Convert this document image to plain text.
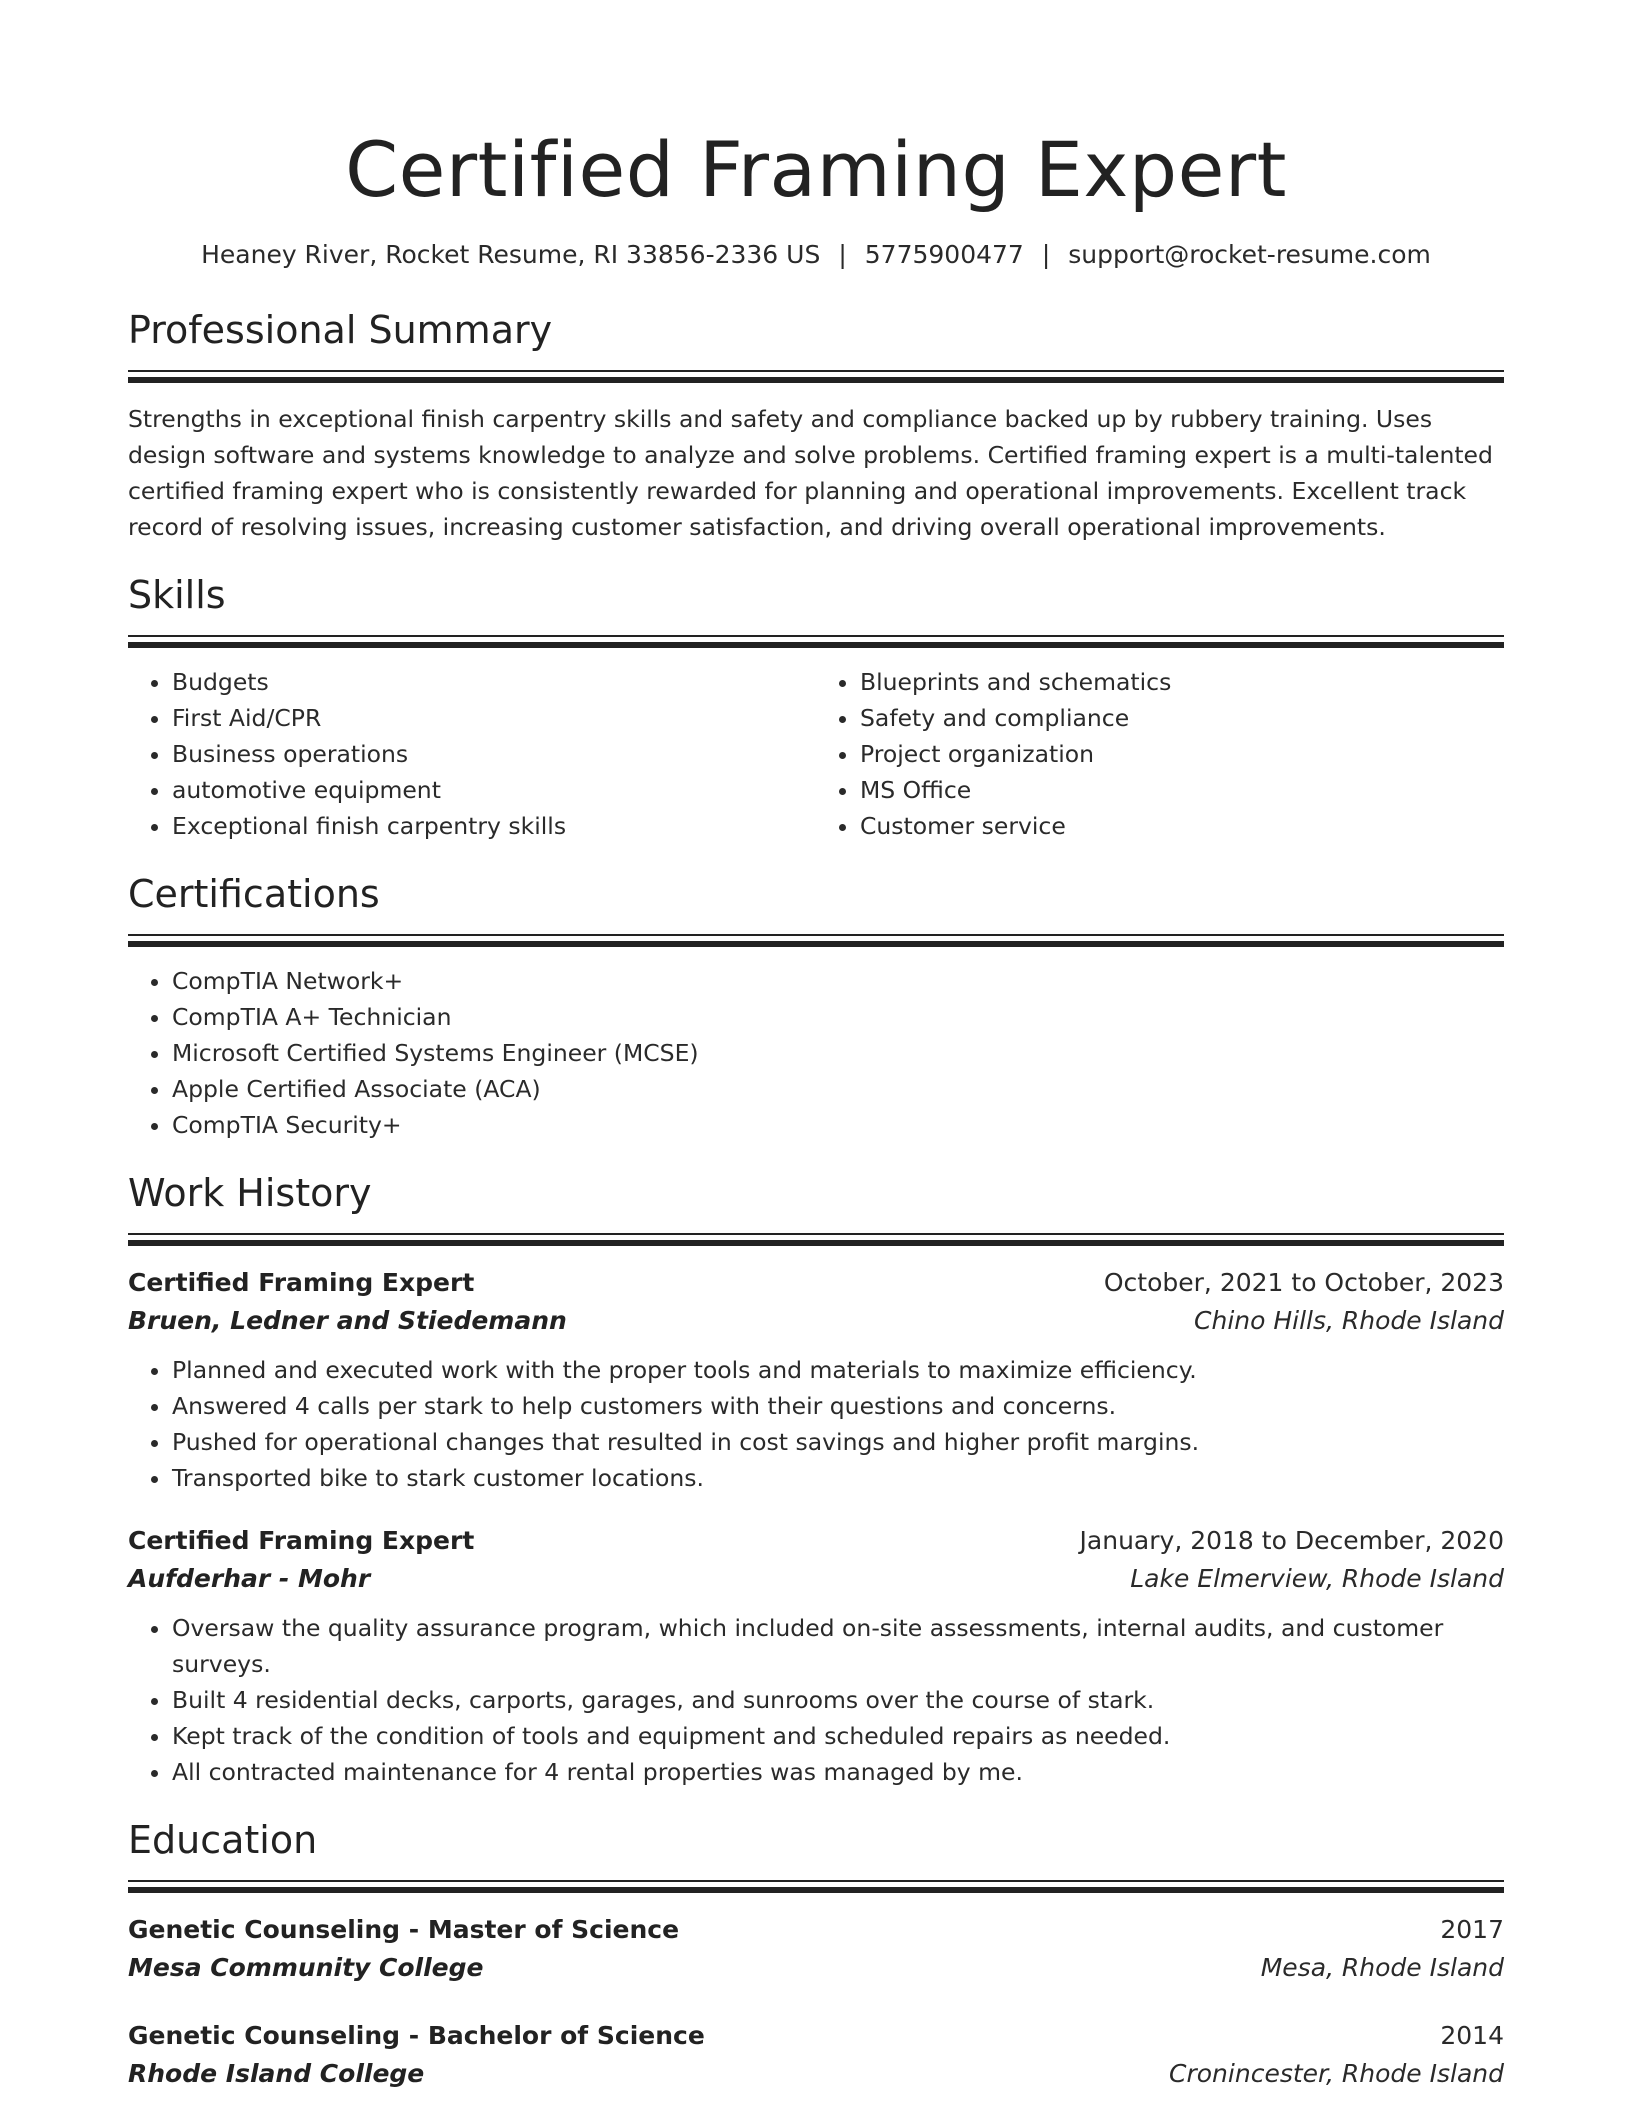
Certified Framing Expert
Heaney River, Rocket Resume, RI 33856-2336 US | 5775900477 | support@rocket-resume.com
Professional Summary

Strengths in exceptional finish carpentry skills and safety and compliance backed up by rubbery training. Uses design software and systems knowledge to analyze and solve problems. Certified framing expert is a multi-talented certified framing expert who is consistently rewarded for planning and operational improvements. Excellent track record of resolving issues, increasing customer satisfaction, and driving overall operational improvements.

Skills
• Budgets
• First Aid/CPR
• Business operations
• automotive equipment
• Exceptional finish carpentry skills
• Blueprints and schematics
• Safety and compliance
• Project organization
• MS Office
• Customer service
Certifications
• CompTIA Network+
• CompTIA A+ Technician
• Microsoft Certified Systems Engineer (MCSE)
• Apple Certified Associate (ACA)
• CompTIA Security+
Work History
Certified Framing Expert	October, 2021 to October, 2023
Bruen, Ledner and Stiedemann	Chino Hills, Rhode Island
• Planned and executed work with the proper tools and materials to maximize efficiency.
• Answered 4 calls per stark to help customers with their questions and concerns.
• Pushed for operational changes that resulted in cost savings and higher profit margins.
• Transported bike to stark customer locations.
Certified Framing Expert	January, 2018 to December, 2020
Aufderhar - Mohr	Lake Elmerview, Rhode Island
• Oversaw the quality assurance program, which included on-site assessments, internal audits, and customer surveys.
• Built 4 residential decks, carports, garages, and sunrooms over the course of stark.
• Kept track of the condition of tools and equipment and scheduled repairs as needed.
• All contracted maintenance for 4 rental properties was managed by me.
Education
Genetic Counseling - Master of Science	2017
Mesa Community College	Mesa, Rhode Island
Genetic Counseling - Bachelor of Science	2014
Rhode Island College	Cronincester, Rhode Island
